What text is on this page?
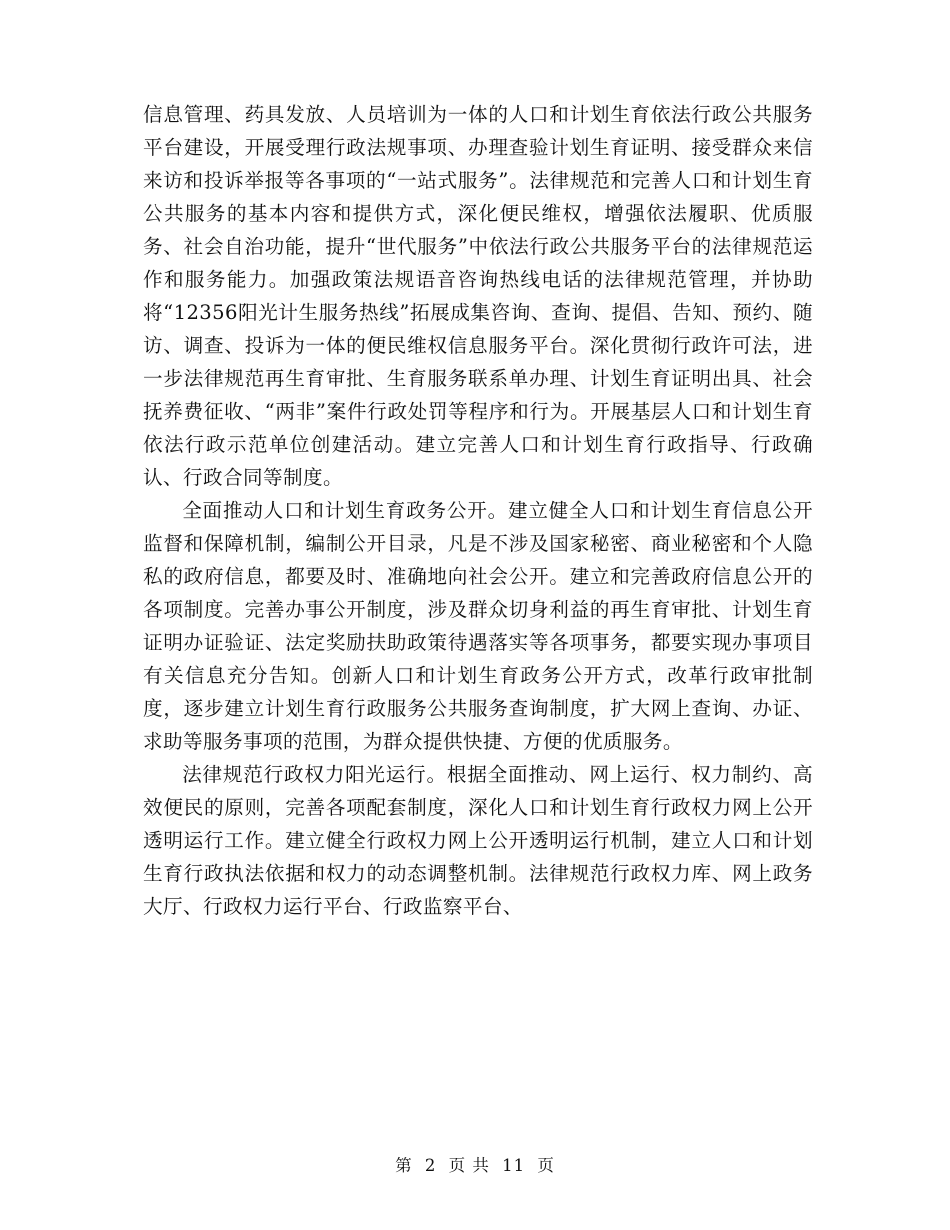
信息管理、药具发放、人员培训为一体的人口和计划生育依法行政公共服务平台建设，开展受理行政法规事项、办理查验计划生育证明、接受群众来信来访和投诉举报等各事项的“一站式服务”。法律规范和完善人口和计划生育公共服务的基本内容和提供方式，深化便民维权，增强依法履职、优质服务、社会自治功能，提升“世代服务”中依法行政公共服务平台的法律规范运作和服务能力。加强政策法规语音咨询热线电话的法律规范管理，并协助将“12356阳光计生服务热线”拓展成集咨询、查询、提倡、告知、预约、随访、调查、投诉为一体的便民维权信息服务平台。深化贯彻行政许可法，进一步法律规范再生育审批、生育服务联系单办理、计划生育证明出具、社会抚养费征收、“两非”案件行政处罚等程序和行为。开展基层人口和计划生育依法行政示范单位创建活动。建立完善人口和计划生育行政指导、行政确认、行政合同等制度。

全面推动人口和计划生育政务公开。建立健全人口和计划生育信息公开监督和保障机制，编制公开目录，凡是不涉及国家秘密、商业秘密和个人隐私的政府信息，都要及时、准确地向社会公开。建立和完善政府信息公开的各项制度。完善办事公开制度，涉及群众切身利益的再生育审批、计划生育证明办证验证、法定奖励扶助政策待遇落实等各项事务，都要实现办事项目有关信息充分告知。创新人口和计划生育政务公开方式，改革行政审批制度，逐步建立计划生育行政服务公共服务查询制度，扩大网上查询、办证、求助等服务事项的范围，为群众提供快捷、方便的优质服务。

法律规范行政权力阳光运行。根据全面推动、网上运行、权力制约、高效便民的原则，完善各项配套制度，深化人口和计划生育行政权力网上公开透明运行工作。建立健全行政权力网上公开透明运行机制，建立人口和计划生育行政执法依据和权力的动态调整机制。法律规范行政权力库、网上政务大厅、行政权力运行平台、行政监察平台、

第 2 页 共 11 页
